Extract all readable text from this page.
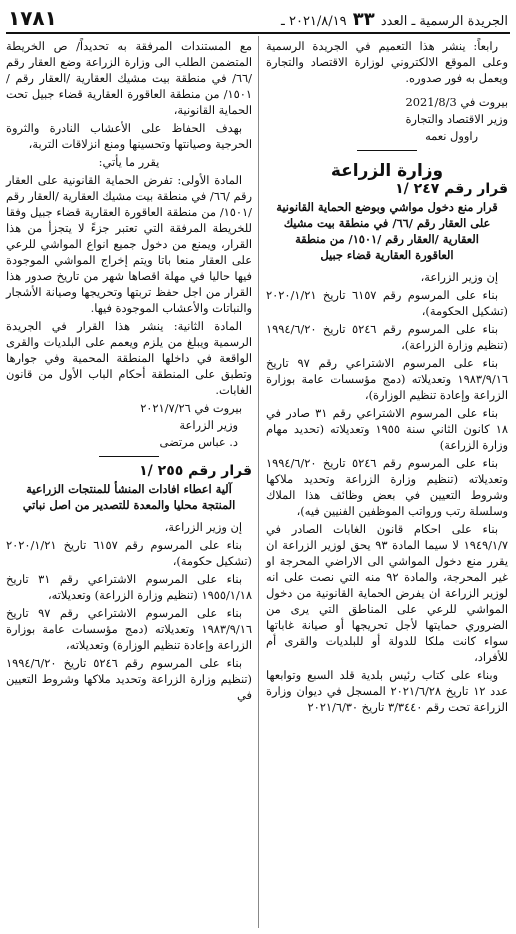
الجريدة الرسمية ـ العدد ٣٣ ٢٠٢١/٨/١٩ ـ
١٧٨١

رابعاً: ينشر هذا التعميم في الجريدة الرسمية وعلى الموقع الالكتروني لوزارة الاقتصاد والتجارة ويعمل به فور صدوره.

بيروت في 2021/8/3

وزير الاقتصاد والتجارة

راوول نعمه

وزارة الزراعة

قرار رقم ٢٤٧ /١

قرار منع دخول مواشي وبوضع الحماية القانونية على العقار رقم /٦٦/ في منطقة بيت مشيك العقارية /العقار رقم /١٥٠١/ من منطقة العاقورة العقارية قضاء جبيل

إن وزير الزراعة،

بناء على المرسوم رقم ٦١٥٧ تاريخ ٢٠٢٠/١/٢١ (تشكيل الحكومة)،

بناء على المرسوم رقم ٥٢٤٦ تاريخ ١٩٩٤/٦/٢٠ (تنظيم وزارة الزراعة)،

بناء على المرسوم الاشتراعي رقم ٩٧ تاريخ ١٩٨٣/٩/١٦ وتعديلاته (دمج مؤسسات عامة بوزارة الزراعة وإعادة تنظيم الوزارة)،

بناء على المرسوم الاشتراعي رقم ٣١ صادر في ١٨ كانون الثاني سنة ١٩٥٥ وتعديلاته (تحديد مهام وزارة الزراعة)

بناء على المرسوم رقم ٥٢٤٦ تاريخ ١٩٩٤/٦/٢٠ وتعديلاته (تنظيم وزارة الزراعة وتحديد ملاكها وشروط التعيين في بعض وظائف هذا الملاك وسلسلة رتب ورواتب الموظفين الفنيين فيه)،

بناء على احكام قانون الغابات الصادر في ١٩٤٩/١/٧ لا سيما المادة ٩٣ يحق لوزير الزراعة ان يقرر منع دخول المواشي الى الاراضي المحرجة او غير المحرجة، والمادة ٩٢ منه التي نصت على انه لوزير الزراعة ان يفرض الحماية القانونية من دخول المواشي للرعي على المناطق التي يرى من الضروري حمايتها لأجل تحريجها أو صيانة غاباتها سواء كانت ملكا للدولة أو للبلديات والقرى أم للأفراد،

وبناء على كتاب رئيس بلدية قلد السبع وتوابعها عدد ١٢ تاريخ ٢٠٢١/٦/٢٨ المسجل في ديوان وزارة الزراعة تحت رقم ٣/٣٤٤٠ تاريخ ٢٠٢١/٦/٣٠

مع المستندات المرفقة به تحديداً/ ص الخريطة المتضمن الطلب الى وزارة الزراعة وضع العقار رقم /٦٦/ في منطقة بيت مشيك العقارية /العقار رقم /١٥٠١/ من منطقة العاقورة العقارية قضاء جبيل تحت الحماية القانونية،

بهدف الحفاظ على الأعشاب النادرة والثروة الحرجية وصيانتها وتحسينها ومنع انزلاقات التربة،

يقرر ما يأتي:

المادة الأولى: تفرض الحماية القانونية على العقار رقم /٦٦/ في منطقة بيت مشيك العقارية /العقار رقم /١٥٠١/ من منطقة العاقورة العقارية قضاء جبيل وفقا للخريطة المرفقة التي تعتبر جزءً لا يتجزأ من هذا القرار، ويمنع من دخول جميع انواع المواشي للرعي على العقار منعا باتا ويتم إخراج المواشي الموجودة فيها حاليا في مهلة اقصاها شهر من تاريخ صدور هذا القرار من اجل حفظ تربتها وتحريجها وصيانة الأشجار والنباتات والأعشاب الموجودة فيها.

المادة الثانية: ينشر هذا القرار في الجريدة الرسمية ويبلغ من يلزم ويعمم على البلديات والقرى الواقعة في داخلها المنطقة المحمية وفي جوارها وتطبق على المنطقة أحكام الباب الأول من قانون الغابات.

بيروت في ٢٠٢١/٧/٢٦

وزير الزراعة

د. عباس مرتضى

قرار رقم ٢٥٥ /١

آلية اعطاء افادات المنشأ للمنتجات الزراعية المنتجة محليا والمعدة للتصدير من اصل نباتي

إن وزير الزراعة،

بناء على المرسوم رقم ٦١٥٧ تاريخ ٢٠٢٠/١/٢١ (تشكيل حكومة)،

بناء على المرسوم الاشتراعي رقم ٣١ تاريخ ١٩٥٥/١/١٨ (تنظيم وزارة الزراعة) وتعديلاته،

بناء على المرسوم الاشتراعي رقم ٩٧ تاريخ ١٩٨٣/٩/١٦ وتعديلاته (دمج مؤسسات عامة بوزارة الزراعة وإعادة تنظيم الوزارة) وتعديلاته،

بناء على المرسوم رقم ٥٢٤٦ تاريخ ١٩٩٤/٦/٢٠ (تنظيم وزارة الزراعة وتحديد ملاكها وشروط التعيين في
